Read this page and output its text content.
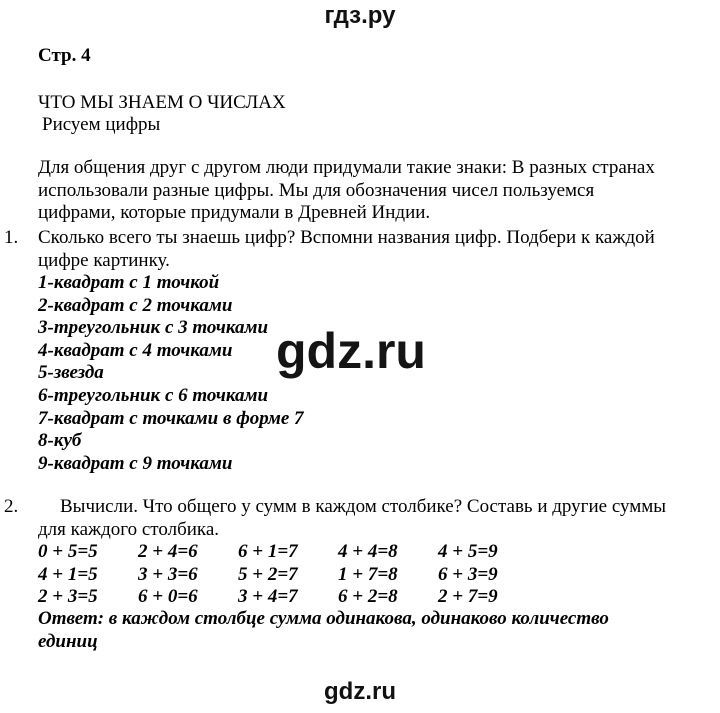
гдз.ру
Стр. 4
ЧТО МЫ ЗНАЕМ О ЧИСЛАХ
Рисуем цифры
Для общения друг с другом люди придумали такие знаки: В разных странах
использовали разные цифры. Мы для обозначения чисел пользуемся
цифрами, которые придумали в Древней Индии.
1. Сколько всего ты знаешь цифр? Вспомни названия цифр. Подбери к каждой
цифре картинку.
1-квадрат с 1 точкой
2-квадрат с 2 точками
3-треугольник с 3 точками
4-квадрат с 4 точками
5-звезда
6-треугольник с 6 точками
7-квадрат с точками в форме 7
8-куб
9-квадрат с 9 точками
gdz.ru
2.	Вычисли. Что общего у сумм в каждом столбике? Составь и другие суммы
для каждого столбика.
0 + 5=5	2 + 4=6	6 + 1=7	4 + 4=8	4 + 5=9
4 + 1=5	3 + 3=6	5 + 2=7	1 + 7=8	6 + 3=9
2 + 3=5	6 + 0=6	3 + 4=7	6 + 2=8	2 + 7=9
Ответ: в каждом столбце сумма одинакова, одинаково количество
единиц
gdz.ru
